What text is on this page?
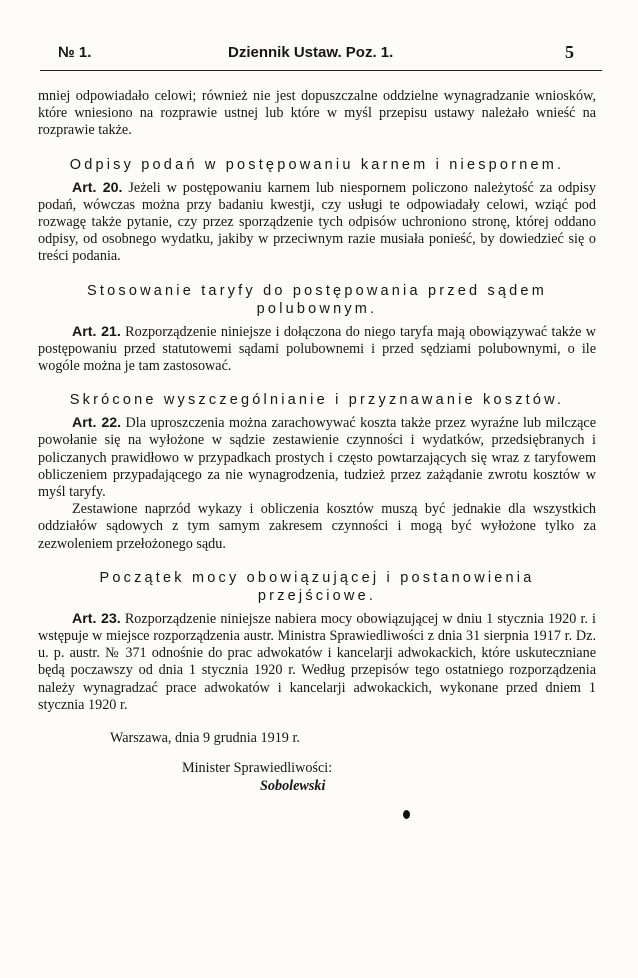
№ 1.	Dziennik Ustaw. Poz. 1.	5

mniej odpowiadało celowi; również nie jest dopuszczalne oddzielne wynagradzanie wniosków, które wniesiono na rozprawie ustnej lub które w myśl przepisu ustawy należało wnieść na rozprawie także.

Odpisy podań w postępowaniu karnem i niespornem.

Art. 20. Jeżeli w postępowaniu karnem lub niespornem policzono należytość za odpisy podań, wówczas można przy badaniu kwestji, czy usługi te odpowiadały celowi, wziąć pod rozwagę także pytanie, czy przez sporządzenie tych odpisów uchroniono stronę, której oddano odpisy, od osobnego wydatku, jakiby w przeciwnym razie musiała ponieść, by dowiedzieć się o treści podania.

Stosowanie taryfy do postępowania przed sądem polubownym.

Art. 21. Rozporządzenie niniejsze i dołączona do niego taryfa mają obowiązywać także w postępowaniu przed statutowemi sądami polubownemi i przed sędziami polubownymi, o ile wogóle można je tam zastosować.

Skrócone wyszczególnianie i przyznawanie kosztów.

Art. 22. Dla uproszczenia można zarachowywać koszta także przez wyraźne lub milczące powołanie się na wyłożone w sądzie zestawienie czynności i wydatków, przedsiębranych i policzanych prawidłowo w przypadkach prostych i często powtarzających się wraz z taryfowem obliczeniem przypadającego za nie wynagrodzenia, tudzież przez zażądanie zwrotu kosztów w myśl taryfy.

Zestawione naprzód wykazy i obliczenia kosztów muszą być jednakie dla wszystkich oddziałów sądowych z tym samym zakresem czynności i mogą być wyłożone tylko za zezwoleniem przełożonego sądu.

Początek mocy obowiązującej i postanowienia przejściowe.

Art. 23. Rozporządzenie niniejsze nabiera mocy obowiązującej w dniu 1 stycznia 1920 r. i wstępuje w miejsce rozporządzenia austr. Ministra Sprawiedliwości z dnia 31 sierpnia 1917 r. Dz. u. p. austr. № 371 odnośnie do prac adwokatów i kancelarji adwokackich, które uskuteczniane będą poczawszy od dnia 1 stycznia 1920 r. Według przepisów tego ostatniego rozporządzenia należy wynagradzać prace adwokatów i kancelarji adwokackich, wykonane przed dniem 1 stycznia 1920 r.

Warszawa, dnia 9 grudnia 1919 r.
Minister Sprawiedliwości:
Sobolewski
